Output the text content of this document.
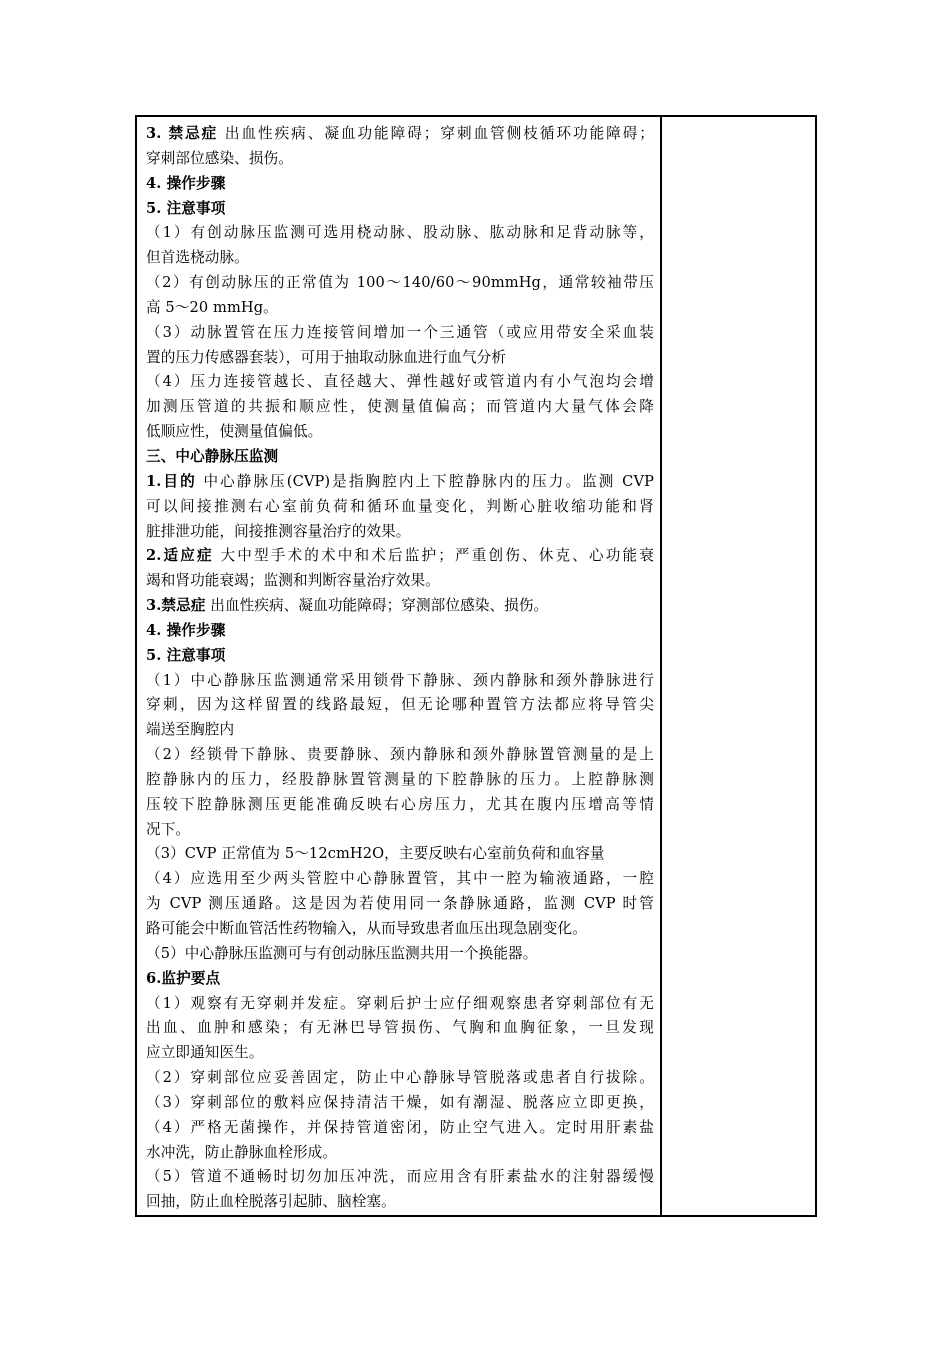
3. 禁忌症 出血性疾病、凝血功能障碍；穿刺血管侧枝循环功能障碍；
穿刺部位感染、损伤。
4. 操作步骤
5. 注意事项
（1）有创动脉压监测可选用桡动脉、股动脉、肱动脉和足背动脉等，
但首选桡动脉。
（2）有创动脉压的正常值为 100～140/60～90mmHg，通常较袖带压
高 5～20 mmHg。
（3）动脉置管在压力连接管间增加一个三通管（或应用带安全采血装
置的压力传感器套装），可用于抽取动脉血进行血气分析
（4）压力连接管越长、直径越大、弹性越好或管道内有小气泡均会增
加测压管道的共振和顺应性，使测量值偏高；而管道内大量气体会降
低顺应性，使测量值偏低。
三、中心静脉压监测
1.目的 中心静脉压(CVP)是指胸腔内上下腔静脉内的压力。监测 CVP
可以间接推测右心室前负荷和循环血量变化，判断心脏收缩功能和肾
脏排泄功能，间接推测容量治疗的效果。
2.适应症 大中型手术的术中和术后监护；严重创伤、休克、心功能衰
竭和肾功能衰竭；监测和判断容量治疗效果。
3.禁忌症 出血性疾病、凝血功能障碍；穿测部位感染、损伤。
4. 操作步骤
5. 注意事项
（1）中心静脉压监测通常采用锁骨下静脉、颈内静脉和颈外静脉进行
穿刺，因为这样留置的线路最短，但无论哪种置管方法都应将导管尖
端送至胸腔内
（2）经锁骨下静脉、贵要静脉、颈内静脉和颈外静脉置管测量的是上
腔静脉内的压力，经股静脉置管测量的下腔静脉的压力。上腔静脉测
压较下腔静脉测压更能准确反映右心房压力，尤其在腹内压增高等情
况下。
（3）CVP 正常值为 5～12cmH2O，主要反映右心室前负荷和血容量
（4）应选用至少两头管腔中心静脉置管，其中一腔为输液通路，一腔
为 CVP 测压通路。这是因为若使用同一条静脉通路，监测 CVP 时管
路可能会中断血管活性药物输入，从而导致患者血压出现急剧变化。
（5）中心静脉压监测可与有创动脉压监测共用一个换能器。
6.监护要点
（1）观察有无穿刺并发症。穿刺后护士应仔细观察患者穿刺部位有无
出血、血肿和感染；有无淋巴导管损伤、气胸和血胸征象，一旦发现
应立即通知医生。
（2）穿刺部位应妥善固定，防止中心静脉导管脱落或患者自行拔除。
（3）穿刺部位的敷料应保持清洁干燥，如有潮湿、脱落应立即更换，
（4）严格无菌操作，并保持管道密闭，防止空气进入。定时用肝素盐
水冲洗，防止静脉血栓形成。
（5）管道不通畅时切勿加压冲洗，而应用含有肝素盐水的注射器缓慢
回抽，防止血栓脱落引起肺、脑栓塞。
